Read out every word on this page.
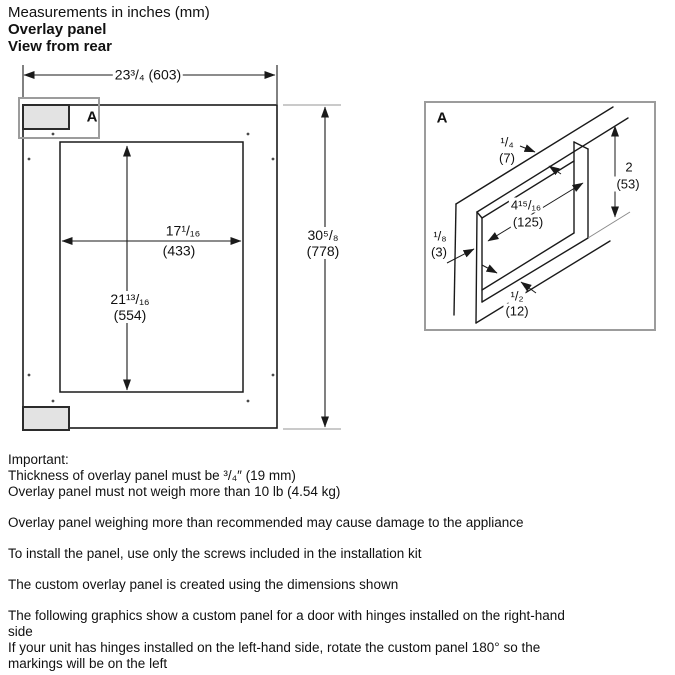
Measurements in inches (mm)
Overlay panel
View from rear
A
23³/₄ (603)
30⁵/₈
(778)
17¹/₁₆
(433)
21¹³/₁₆
(554)
A
¹/₄
(7)
2
(53)
4¹⁵/₁₆
(125)
¹/₈
(3)
¹/₂
(12)
Important:
Thickness of overlay panel must be ³/₄″ (19 mm)
Overlay panel must not weigh more than 10 lb (4.54 kg)
Overlay panel weighing more than recommended may cause damage to the appliance
To install the panel, use only the screws included in the installation kit
The custom overlay panel is created using the dimensions shown
The following graphics show a custom panel for a door with hinges installed on the right-hand
side
If your unit has hinges installed on the left-hand side, rotate the custom panel 180° so the
markings will be on the left
